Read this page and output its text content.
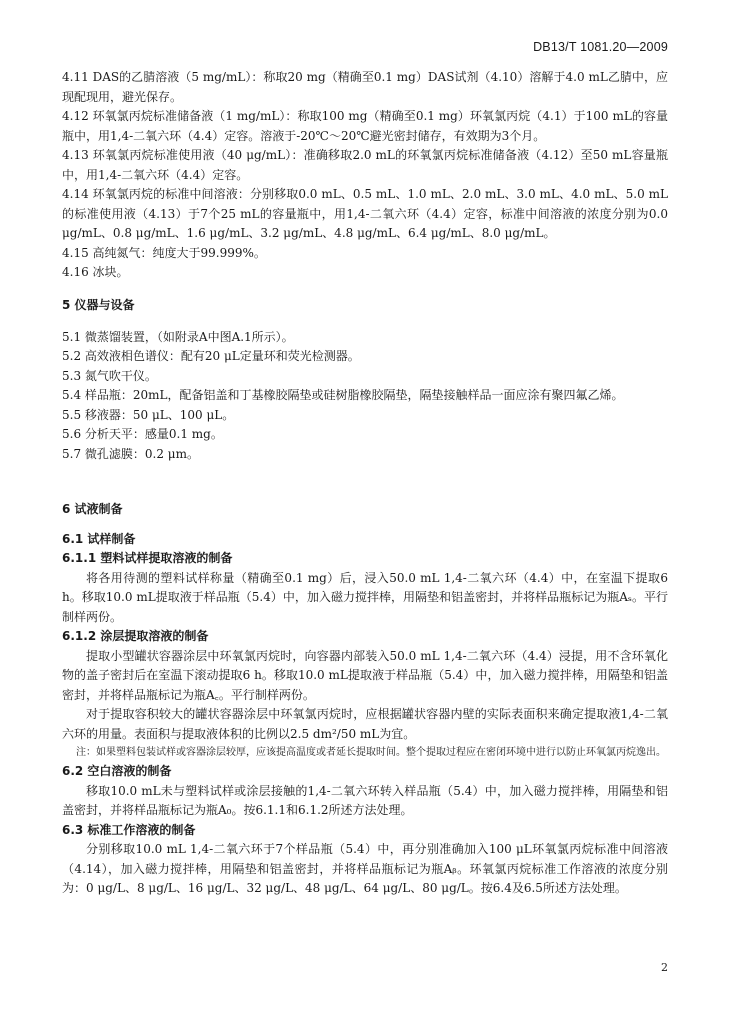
DB13/T 1081.20—2009
4.11 DAS的乙腈溶液（5 mg/mL）：称取20 mg（精确至0.1 mg）DAS试剂（4.10）溶解于4.0 mL乙腈中，应现配现用，避光保存。
4.12 环氧氯丙烷标准储备液（1 mg/mL）：称取100 mg（精确至0.1 mg）环氧氯丙烷（4.1）于100 mL的容量瓶中，用1,4-二氧六环（4.4）定容。溶液于-20℃～20℃避光密封储存，有效期为3个月。
4.13 环氧氯丙烷标准使用液（40 μg/mL）：准确移取2.0 mL的环氧氯丙烷标准储备液（4.12）至50 mL容量瓶中，用1,4-二氧六环（4.4）定容。
4.14 环氧氯丙烷的标准中间溶液：分别移取0.0 mL、0.5 mL、1.0 mL、2.0 mL、3.0 mL、4.0 mL、5.0 mL的标准使用液（4.13）于7个25 mL的容量瓶中，用1,4-二氧六环（4.4）定容，标准中间溶液的浓度分别为0.0 μg/mL、0.8 μg/mL、1.6 μg/mL、3.2 μg/mL、4.8 μg/mL、6.4 μg/mL、8.0 μg/mL。
4.15 高纯氮气：纯度大于99.999%。
4.16 冰块。
5 仪器与设备
5.1 微蒸馏装置，（如附录A中图A.1所示）。
5.2 高效液相色谱仪：配有20 μL定量环和荧光检测器。
5.3 氮气吹干仪。
5.4 样品瓶：20mL，配备铝盖和丁基橡胶隔垫或硅树脂橡胶隔垫，隔垫接触样品一面应涂有聚四氟乙烯。
5.5 移液器：50 μL、100 μL。
5.6 分析天平：感量0.1 mg。
5.7 微孔滤膜：0.2 μm。
6 试液制备
6.1 试样制备
6.1.1 塑料试样提取溶液的制备
将各用待测的塑料试样称量（精确至0.1 mg）后，浸入50.0 mL 1,4-二氧六环（4.4）中，在室温下提取6 h。移取10.0 mL提取液于样品瓶（5.4）中，加入磁力搅拌棒，用隔垫和铝盖密封，并将样品瓶标记为瓶Aₛ。平行制样两份。
6.1.2 涂层提取溶液的制备
提取小型罐状容器涂层中环氧氯丙烷时，向容器内部装入50.0 mL 1,4-二氧六环（4.4）浸提，用不含环氧化物的盖子密封后在室温下滚动提取6 h。移取10.0 mL提取液于样品瓶（5.4）中，加入磁力搅拌棒，用隔垫和铝盖密封，并将样品瓶标记为瓶A꜀。平行制样两份。
对于提取容积较大的罐状容器涂层中环氧氯丙烷时，应根据罐状容器内壁的实际表面积来确定提取液1,4-二氧六环的用量。表面积与提取液体积的比例以2.5 dm²/50 mL为宜。
注：如果塑料包装试样或容器涂层较厚，应该提高温度或者延长提取时间。整个提取过程应在密闭环境中进行以防止环氧氯丙烷逸出。
6.2 空白溶液的制备
移取10.0 mL未与塑料试样或涂层接触的1,4-二氧六环转入样品瓶（5.4）中，加入磁力搅拌棒，用隔垫和铝盖密封，并将样品瓶标记为瓶A₀。按6.1.1和6.1.2所述方法处理。
6.3 标准工作溶液的制备
分别移取10.0 mL 1,4-二氧六环于7个样品瓶（5.4）中，再分别准确加入100 μL环氧氯丙烷标准中间溶液（4.14），加入磁力搅拌棒，用隔垫和铝盖密封，并将样品瓶标记为瓶Aᵦ。环氧氯丙烷标准工作溶液的浓度分别为：0 μg/L、8 μg/L、16 μg/L、32 μg/L、48 μg/L、64 μg/L、80 μg/L。按6.4及6.5所述方法处理。
2
